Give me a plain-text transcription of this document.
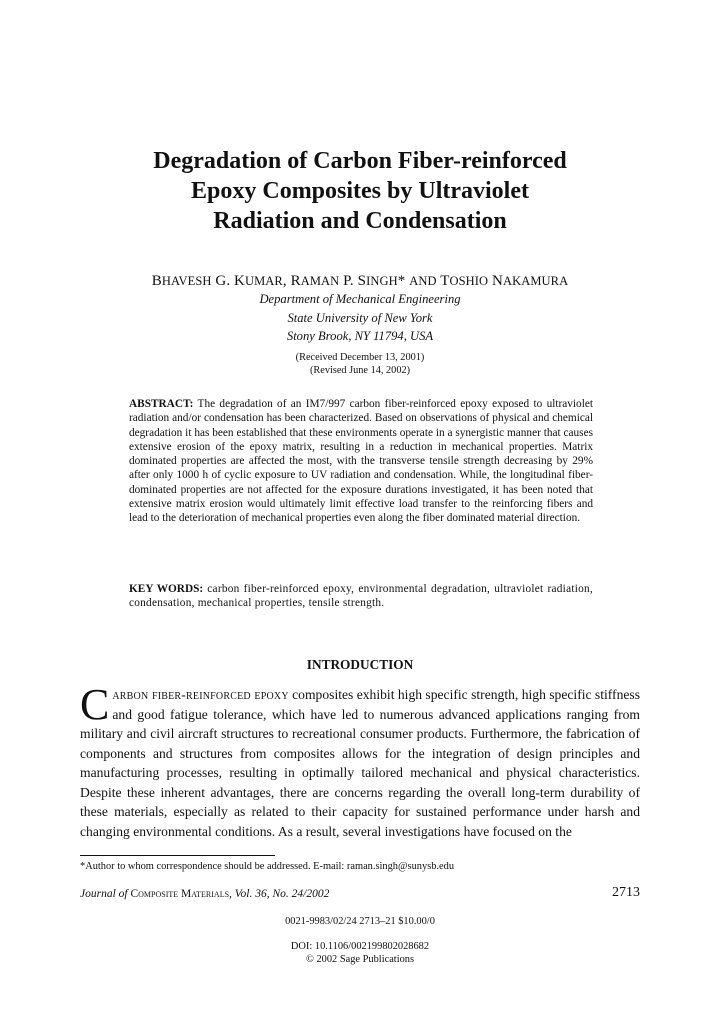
Degradation of Carbon Fiber-reinforced
Epoxy Composites by Ultraviolet
Radiation and Condensation
BHAVESH G. KUMAR, RAMAN P. SINGH* AND TOSHIO NAKAMURA
Department of Mechanical Engineering
State University of New York
Stony Brook, NY 11794, USA
(Received December 13, 2001)
(Revised June 14, 2002)

ABSTRACT: The degradation of an IM7/997 carbon fiber-reinforced epoxy exposed to ultraviolet radiation and/or condensation has been characterized. Based on observations of physical and chemical degradation it has been established that these environments operate in a synergistic manner that causes extensive erosion of the epoxy matrix, resulting in a reduction in mechanical properties. Matrix dominated properties are affected the most, with the transverse tensile strength decreasing by 29% after only 1000 h of cyclic exposure to UV radiation and condensation. While, the longitudinal fiber-dominated properties are not affected for the exposure durations investigated, it has been noted that extensive matrix erosion would ultimately limit effective load transfer to the reinforcing fibers and lead to the deterioration of mechanical properties even along the fiber dominated material direction.

KEY WORDS: carbon fiber-reinforced epoxy, environmental degradation, ultraviolet radiation, condensation, mechanical properties, tensile strength.

INTRODUCTION

Carbon fiber-reinforced epoxy composites exhibit high specific strength, high specific stiffness and good fatigue tolerance, which have led to numerous advanced applications ranging from military and civil aircraft structures to recreational consumer products. Furthermore, the fabrication of components and structures from composites allows for the integration of design principles and manufacturing processes, resulting in optimally tailored mechanical and physical characteristics. Despite these inherent advantages, there are concerns regarding the overall long-term durability of these materials, especially as related to their capacity for sustained performance under harsh and changing environmental conditions. As a result, several investigations have focused on the

*Author to whom correspondence should be addressed. E-mail: raman.singh@sunysb.edu
Journal of Composite Materials, Vol. 36, No. 24/2002	2713
0021-9983/02/24 2713–21 $10.00/0
DOI: 10.1106/002199802028682
© 2002 Sage Publications
